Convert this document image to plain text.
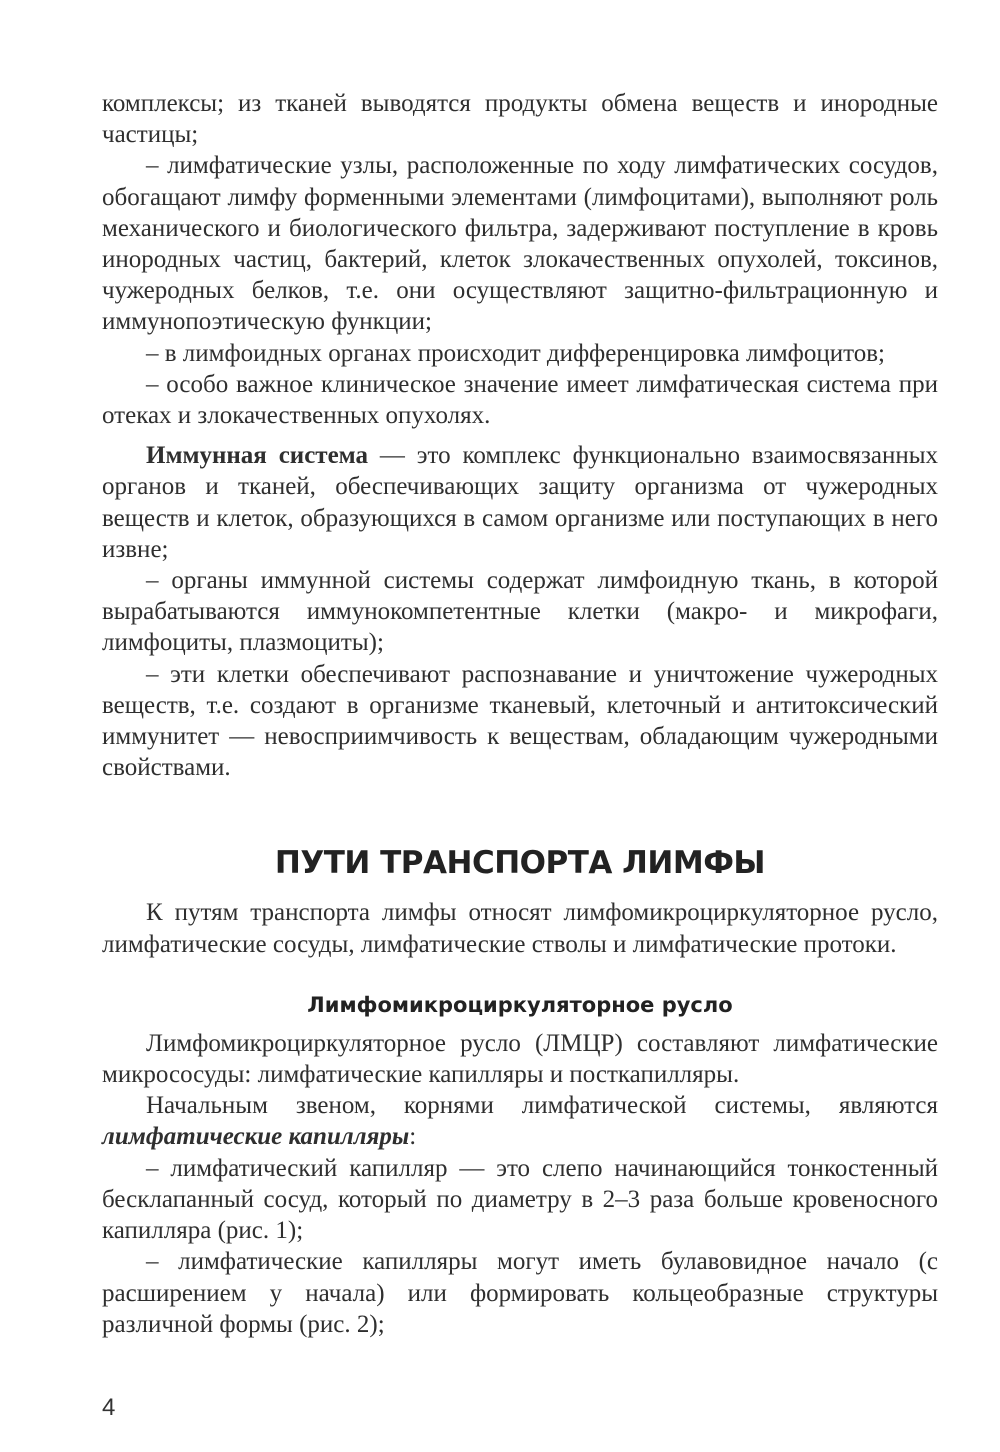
комплексы; из тканей выводятся продукты обмена веществ и инородные частицы;

– лимфатические узлы, расположенные по ходу лимфатических сосудов, обогащают лимфу форменными элементами (лимфоцитами), выполняют роль механического и биологического фильтра, задерживают поступление в кровь инородных частиц, бактерий, клеток злокачественных опухолей, токсинов, чужеродных белков, т.е. они осуществляют защитно-фильтрационную и иммунопоэтическую функции;

– в лимфоидных органах происходит дифференцировка лимфоцитов;

– особо важное клиническое значение имеет лимфатическая система при отеках и злокачественных опухолях.

Иммунная система — это комплекс функционально взаимосвязанных органов и тканей, обеспечивающих защиту организма от чужеродных веществ и клеток, образующихся в самом организме или поступающих в него извне;

– органы иммунной системы содержат лимфоидную ткань, в которой вырабатываются иммунокомпетентные клетки (макро- и микрофаги, лимфоциты, плазмоциты);

– эти клетки обеспечивают распознавание и уничтожение чужеродных веществ, т.е. создают в организме тканевый, клеточный и антитоксический иммунитет — невосприимчивость к веществам, обладающим чужеродными свойствами.

ПУТИ ТРАНСПОРТА ЛИМФЫ

К путям транспорта лимфы относят лимфомикроциркуляторное русло, лимфатические сосуды, лимфатические стволы и лимфатические протоки.

Лимфомикроциркуляторное русло

Лимфомикроциркуляторное русло (ЛМЦР) составляют лимфатические микрососуды: лимфатические капилляры и посткапилляры.

Начальным звеном, корнями лимфатической системы, являются лимфатические капилляры:

– лимфатический капилляр — это слепо начинающийся тонкостенный бесклапанный сосуд, который по диаметру в 2–3 раза больше кровеносного капилляра (рис. 1);

– лимфатические капилляры могут иметь булавовидное начало (с расширением у начала) или формировать кольцеобразные структуры различной формы (рис. 2);

4
